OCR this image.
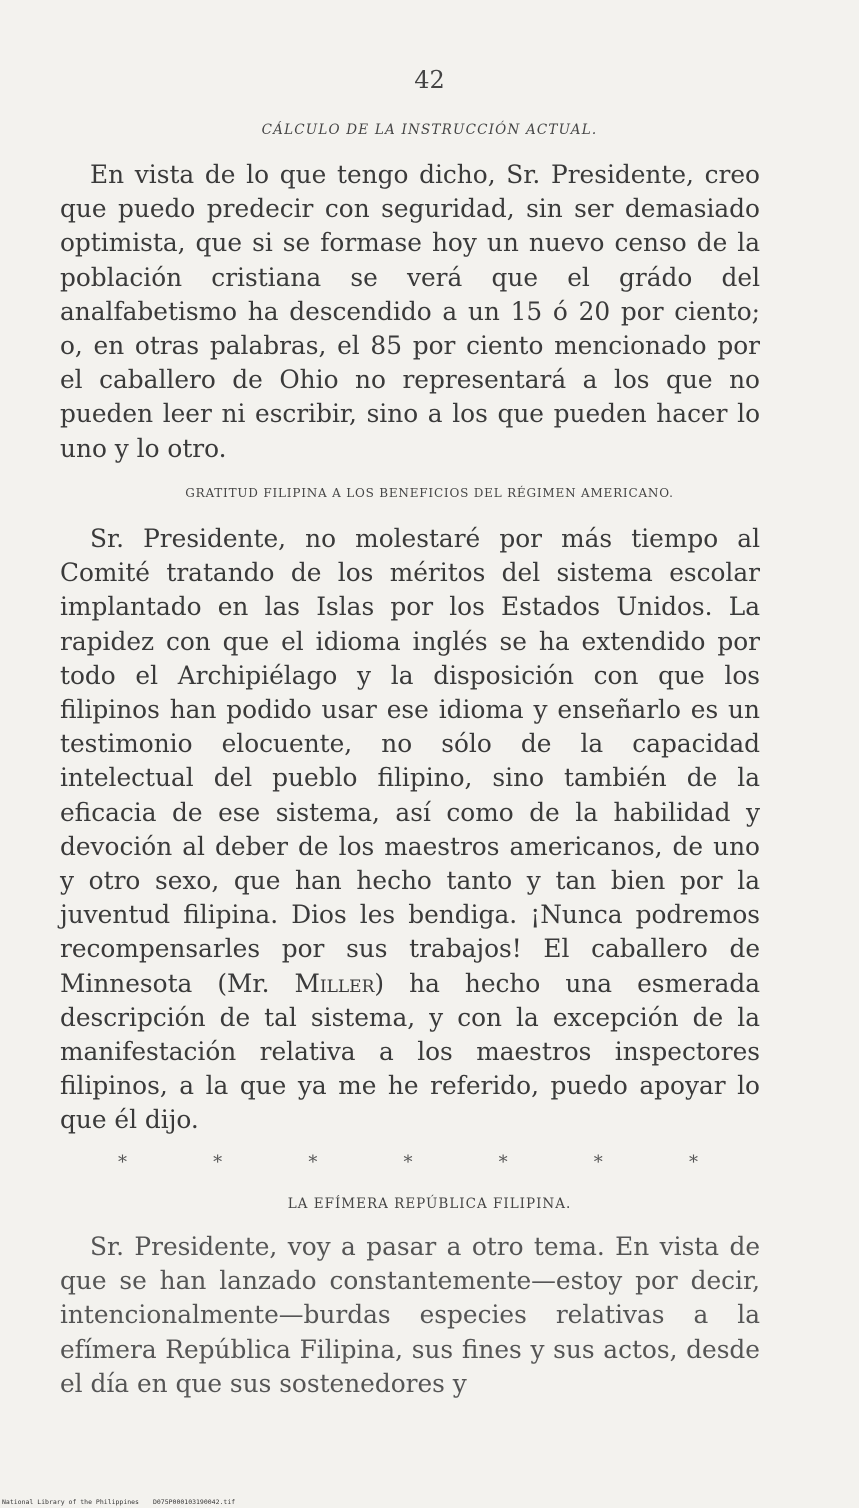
42
CÁLCULO DE LA INSTRUCCIÓN ACTUAL.
En vista de lo que tengo dicho, Sr. Presidente, creo que puedo predecir con seguridad, sin ser demasiado optimista, que si se formase hoy un nuevo censo de la población cristiana se verá que el grádo del analfabetismo ha descendido a un 15 ó 20 por ciento; o, en otras palabras, el 85 por ciento mencionado por el caballero de Ohio no representará a los que no pueden leer ni escribir, sino a los que pueden hacer lo uno y lo otro.
GRATITUD FILIPINA A LOS BENEFICIOS DEL RÉGIMEN AMERICANO.
Sr. Presidente, no molestaré por más tiempo al Comité tratando de los méritos del sistema escolar implantado en las Islas por los Estados Unidos. La rapidez con que el idioma inglés se ha extendido por todo el Archipiélago y la disposición con que los filipinos han podido usar ese idioma y enseñarlo es un testimonio elocuente, no sólo de la capacidad intelectual del pueblo filipino, sino también de la eficacia de ese sistema, así como de la habilidad y devoción al deber de los maestros americanos, de uno y otro sexo, que han hecho tanto y tan bien por la juventud filipina. Dios les bendiga. ¡Nunca podremos recompensarles por sus trabajos! El caballero de Minnesota (Mr. Miller) ha hecho una esmerada descripción de tal sistema, y con la excepción de la manifestación relativa a los maestros inspectores filipinos, a la que ya me he referido, puedo apoyar lo que él dijo.
*	*	*	*	*	*	*
LA EFÍMERA REPÚBLICA FILIPINA.
Sr. Presidente, voy a pasar a otro tema. En vista de que se han lanzado constantemente—estoy por decir, intencionalmente—burdas especies relativas a la efímera República Filipina, sus fines y sus actos, desde el día en que sus sostenedores y
National Library of the Philippines D075P000103190042.tif
